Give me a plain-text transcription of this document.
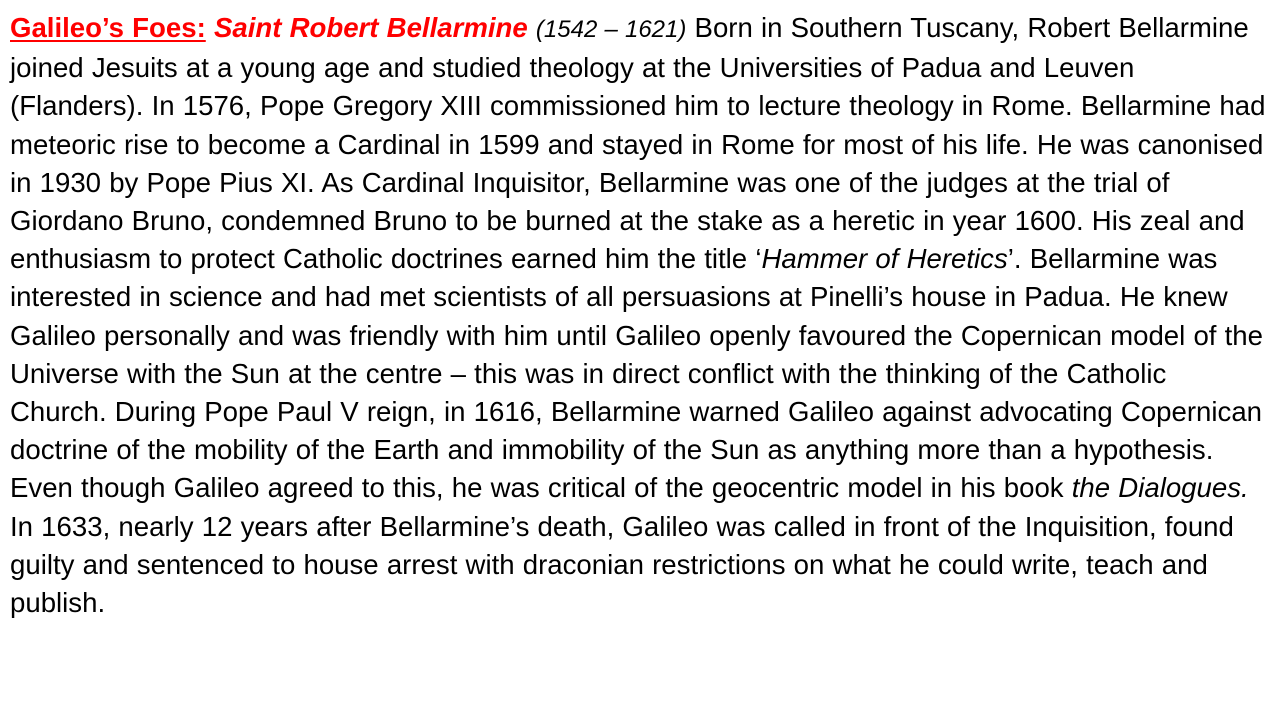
Galileo’s Foes: Saint Robert Bellarmine (1542 – 1621) Born in Southern Tuscany, Robert Bellarmine joined Jesuits at a young age and studied theology at the Universities of Padua and Leuven (Flanders). In 1576, Pope Gregory XIII commissioned him to lecture theology in Rome. Bellarmine had meteoric rise to become a Cardinal in 1599 and stayed in Rome for most of his life. He was canonised in 1930 by Pope Pius XI. As Cardinal Inquisitor, Bellarmine was one of the judges at the trial of Giordano Bruno, condemned Bruno to be burned at the stake as a heretic in year 1600. His zeal and enthusiasm to protect Catholic doctrines earned him the title ‘Hammer of Heretics’. Bellarmine was interested in science and had met scientists of all persuasions at Pinelli’s house in Padua. He knew Galileo personally and was friendly with him until Galileo openly favoured the Copernican model of the Universe with the Sun at the centre – this was in direct conflict with the thinking of the Catholic Church. During Pope Paul V reign, in 1616, Bellarmine warned Galileo against advocating Copernican doctrine of the mobility of the Earth and immobility of the Sun as anything more than a hypothesis. Even though Galileo agreed to this, he was critical of the geocentric model in his book the Dialogues. In 1633, nearly 12 years after Bellarmine’s death, Galileo was called in front of the Inquisition, found guilty and sentenced to house arrest with draconian restrictions on what he could write, teach and publish.
